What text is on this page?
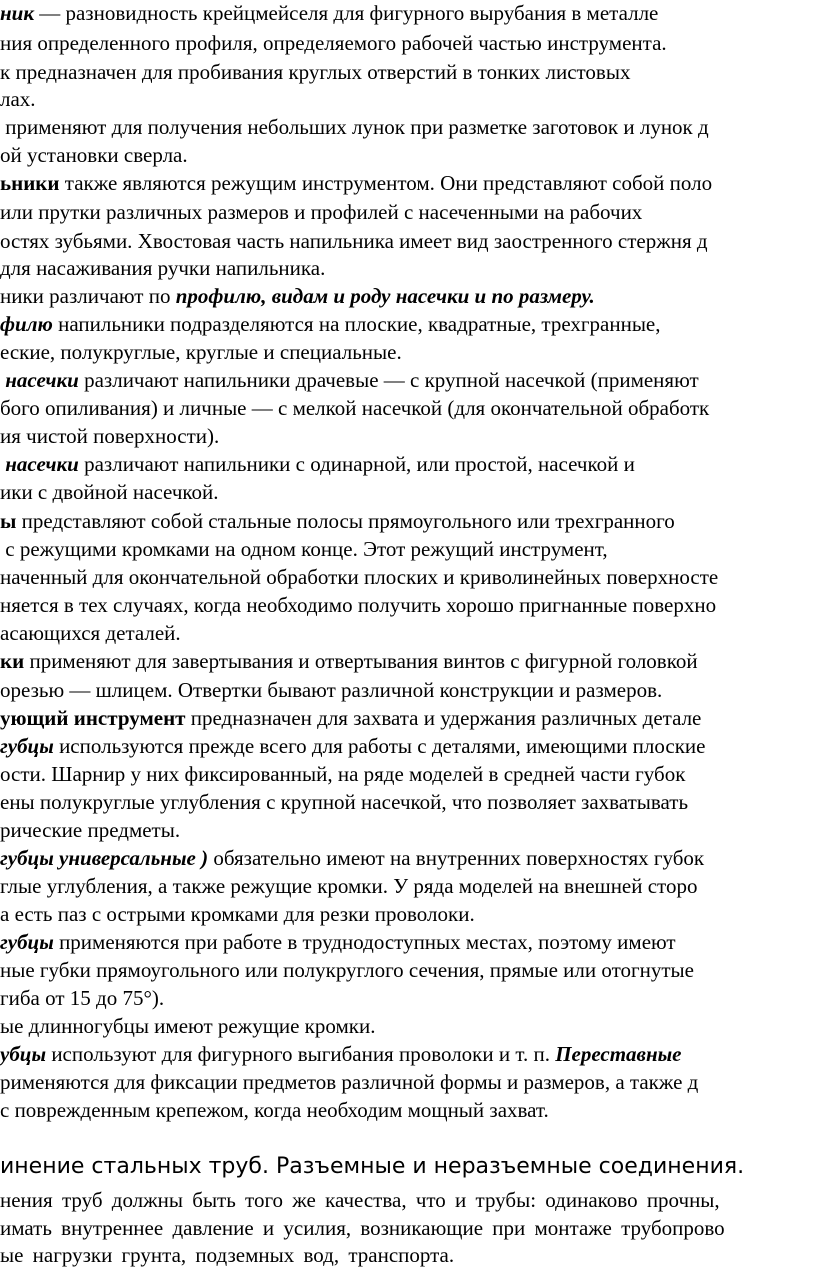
ник — разновидность крейцмейселя для фигурного вырубания в металле

ния определенного профиля, определяемого рабочей частью инструмента.

к предназначен для пробивания круглых отверстий в тонких листовых

лах.

применяют для получения небольших лунок при разметке заготовок и лунок д

ой установки сверла.

ьники также являются режущим инструментом. Они представляют собой поло

или прутки различных размеров и профилей с насеченными на рабочих

остях зубьями. Хвостовая часть напильника имеет вид заостренного стержня д

для насаживания ручки напильника.

ники различают по профилю, видам и роду насечки и по размеру.

филю напильники подразделяются на плоские, квадратные, трехгранные,

еские, полукруглые, круглые и специальные.

насечки различают напильники драчевые — с крупной насечкой (применяют

бого опиливания) и личные — с мелкой насечкой (для окончательной обработк

ия чистой поверхности).

насечки различают напильники с одинарной, или простой, насечкой и

ики с двойной насечкой.

ы представляют собой стальные полосы прямоугольного или трехгранного

с режущими кромками на одном конце. Этот режущий инструмент,

наченный для окончательной обработки плоских и криволинейных поверхносте

няется в тех случаях, когда необходимо получить хорошо пригнанные поверхно

асающихся деталей.

ки применяют для завертывания и отвертывания винтов с фигурной головкой

орезью — шлицем. Отвертки бывают различной конструкции и размеров.

ующий инструмент предназначен для захвата и удержания различных детале

губцы используются прежде всего для работы с деталями, имеющими плоские

ости. Шарнир у них фиксированный, на ряде моделей в средней части губок

ены полукруглые углубления с крупной насечкой, что позволяет захватывать

рические предметы.

губцы универсальные ) обязательно имеют на внутренних поверхностях губок

глые углубления, а также режущие кромки. У ряда моделей на внешней сторо

а есть паз с острыми кромками для резки проволоки.

губцы применяются при работе в труднодоступных местах, поэтому имеют

ные губки прямоугольного или полукруглого сечения, прямые или отогнутые

гиба от 15 до 75°).

ые длинногубцы имеют режущие кромки.

убцы используют для фигурного выгибания проволоки и т. п. Переставные

рименяются для фиксации предметов различной формы и размеров, а также д

с поврежденным крепежом, когда необходим мощный захват.

инение стальных труб. Разъемные и неразъемные соединения.

нения труб должны быть того же качества, что и трубы: одинаково прочны,

имать внутреннее давление и усилия, возникающие при монтаже трубопрово

ые нагрузки грунта, подземных вод, транспорта.
